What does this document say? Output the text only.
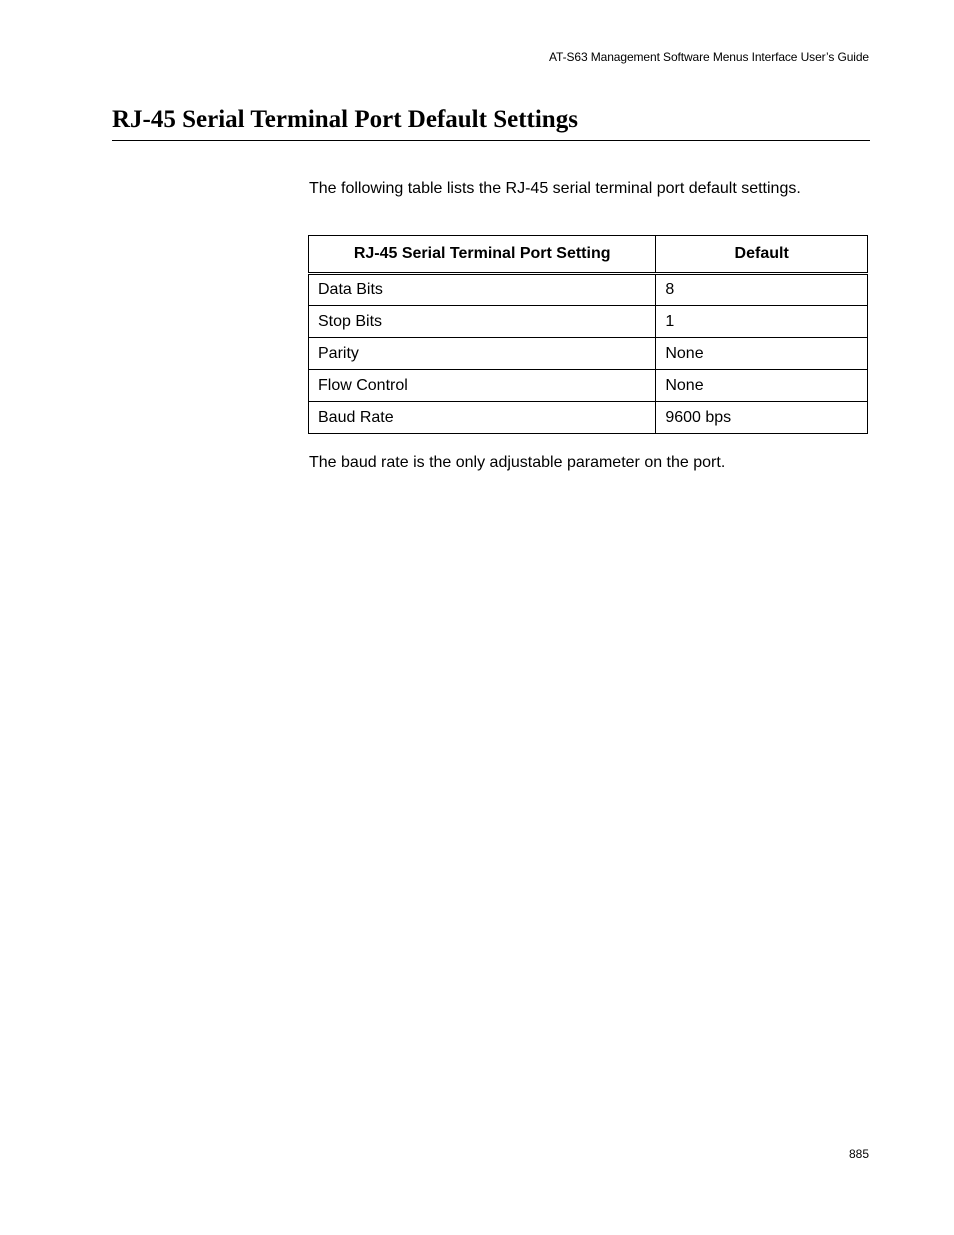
AT-S63 Management Software Menus Interface User’s Guide
RJ-45 Serial Terminal Port Default Settings

The following table lists the RJ-45 serial terminal port default settings.

RJ-45 Serial Terminal Port Setting	Default
Data Bits	8
Stop Bits	1
Parity	None
Flow Control	None
Baud Rate	9600 bps

The baud rate is the only adjustable parameter on the port.

885
